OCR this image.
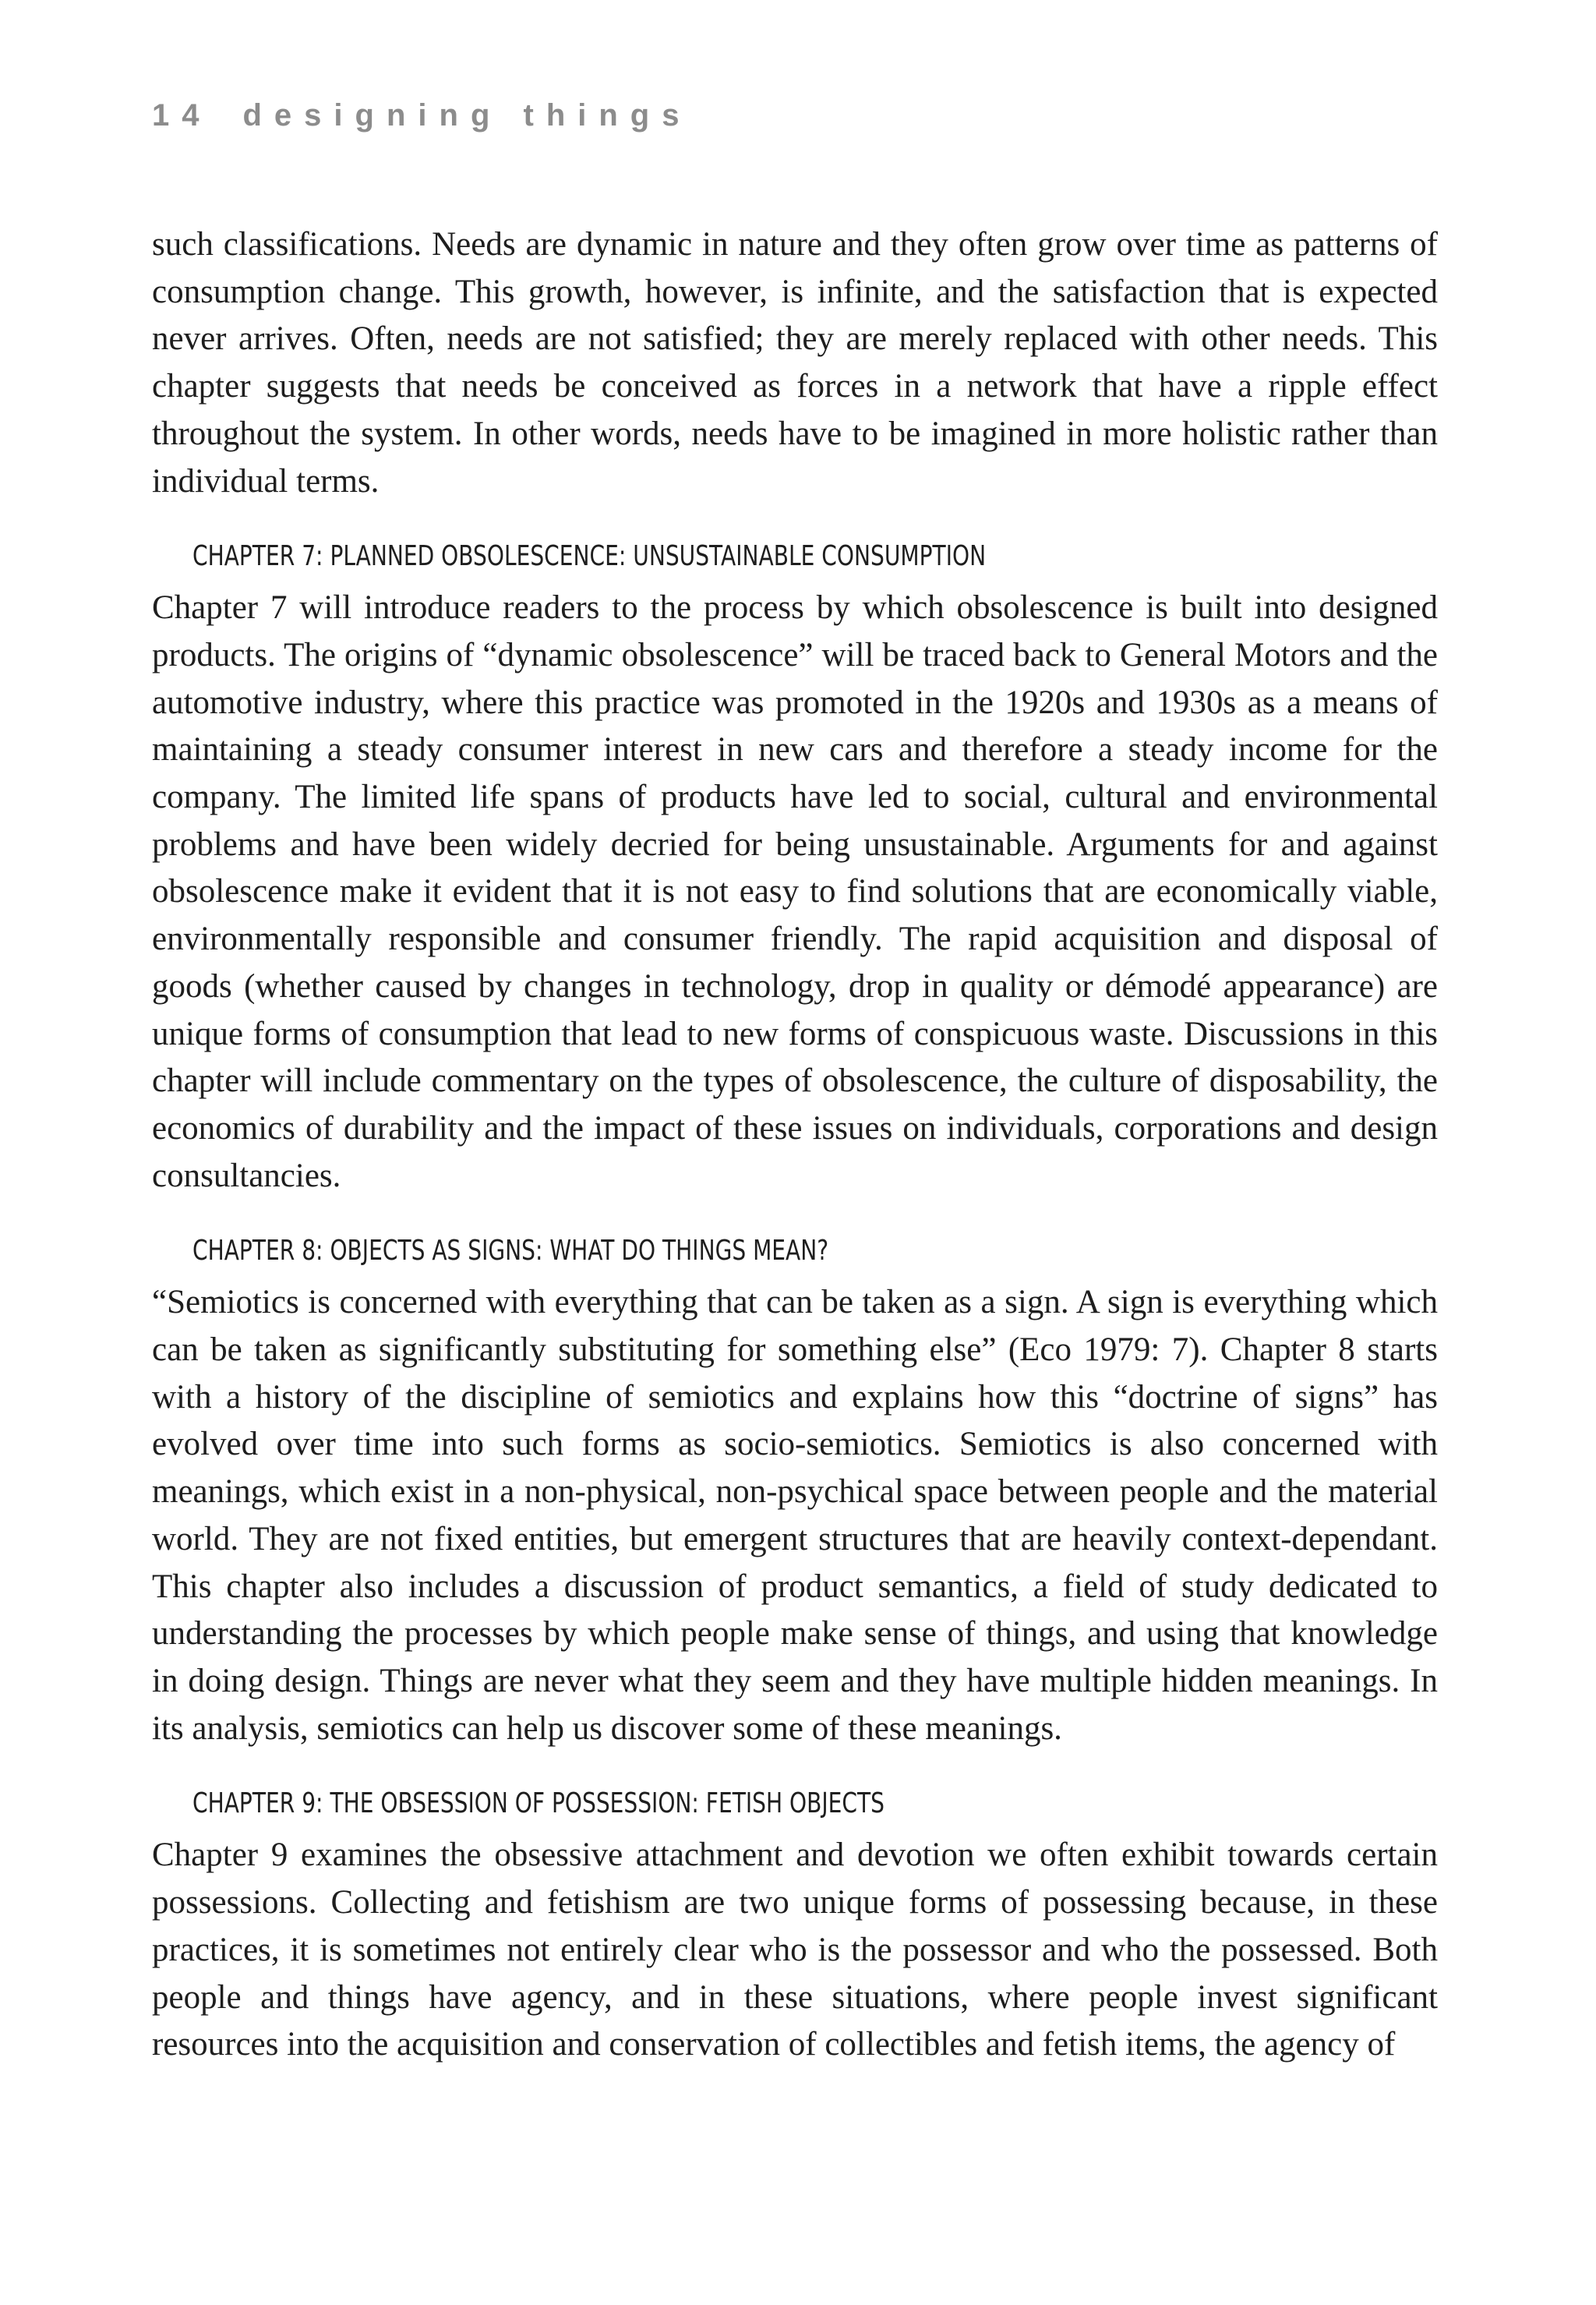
14 designing things

such classifications. Needs are dynamic in nature and they often grow over time as patterns of consumption change. This growth, however, is infinite, and the satisfaction that is expected never arrives. Often, needs are not satisfied; they are merely replaced with other needs. This chapter suggests that needs be conceived as forces in a network that have a ripple effect throughout the system. In other words, needs have to be imagined in more holistic rather than individual terms.

CHAPTER 7: PLANNED OBSOLESCENCE: UNSUSTAINABLE CONSUMPTION

Chapter 7 will introduce readers to the process by which obsolescence is built into designed products. The origins of “dynamic obsolescence” will be traced back to General Motors and the automotive industry, where this practice was promoted in the 1920s and 1930s as a means of maintaining a steady consumer interest in new cars and therefore a steady income for the company. The limited life spans of products have led to social, cultural and environmental problems and have been widely decried for being unsustainable. Arguments for and against obsolescence make it evident that it is not easy to find solutions that are economically viable, environmentally responsible and consumer friendly. The rapid acquisition and disposal of goods (whether caused by changes in technology, drop in quality or démodé appearance) are unique forms of consumption that lead to new forms of conspicuous waste. Discussions in this chapter will include commentary on the types of obsolescence, the culture of disposability, the economics of durability and the impact of these issues on individuals, corporations and design consultancies.

CHAPTER 8: OBJECTS AS SIGNS: WHAT DO THINGS MEAN?

“Semiotics is concerned with everything that can be taken as a sign. A sign is everything which can be taken as significantly substituting for something else” (Eco 1979: 7). Chapter 8 starts with a history of the discipline of semiotics and explains how this “doctrine of signs” has evolved over time into such forms as socio-semiotics. Semiotics is also concerned with meanings, which exist in a non-physical, non-psychical space between people and the material world. They are not fixed entities, but emergent structures that are heavily context-dependant. This chapter also includes a discussion of product semantics, a field of study dedicated to understanding the processes by which people make sense of things, and using that knowledge in doing design. Things are never what they seem and they have multiple hidden meanings. In its analysis, semiotics can help us discover some of these meanings.

CHAPTER 9: THE OBSESSION OF POSSESSION: FETISH OBJECTS

Chapter 9 examines the obsessive attachment and devotion we often exhibit towards certain possessions. Collecting and fetishism are two unique forms of possessing because, in these practices, it is sometimes not entirely clear who is the possessor and who the possessed. Both people and things have agency, and in these situations, where people invest significant resources into the acquisition and conservation of collectibles and fetish items, the agency of
